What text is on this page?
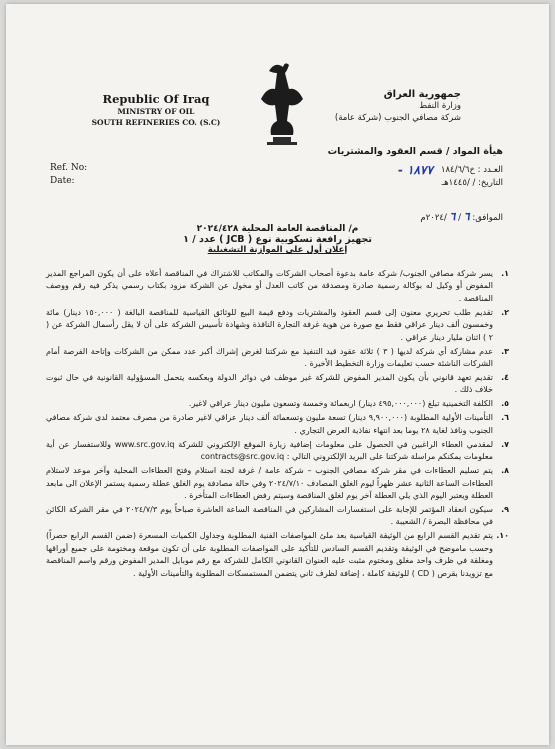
Republic Of Iraq
MINISTRY OF OIL
SOUTH REFINERIES CO. (S.C)
جمهورية العراق
وزارة النفط
شركة مصافي الجنوب (شركة عامة)
هيأة المواد / قسم العقود والمشتريات
Ref. No:
Date:
العـدد : خ١٨٤/٦/٦
١٨٧٧ -
التاريخ: / /١٤٤٥هـ
الموافق: ٦ / ٦ /٢٠٢٤م
م/ المناقصة العامة المحلية ٢٠٢٤/٤٢٨
تجهيز رافعة تسكويية نوع ( JCB ) عدد / ١
إعلان أول على الموازنة التشغيلية
١.
يسر شركة مصافي الجنوب/ شركة عامة بدعوة أصحاب الشركات والمكاتب للاشتراك في المناقصة أعلاه على أن يكون المراجع المدير المفوض أو وكيل له بوكالة رسمية صادرة ومصدقة من كاتب العدل أو مخول عن الشركة مزود بكتاب رسمي يذكر فيه رقم ووصف المناقصة .
٢.
تقديم طلب تحريري معنون إلى قسم العقود والمشتريات ودفع قيمة البيع للوثائق القياسية للمناقصة البالغة ( ١٥٠,٠٠٠ دينار) مائة وخمسون ألف دينار عراقي فقط مع صورة من هوية غرفة التجارة النافذة وشهادة تأسيس الشركة على أن لا يقل رأسمال الشركة عن ( ٢ ) اثنان مليار دينار عراقي .
٣.
عدم مشاركة أي شركة لديها ( ٣ ) ثلاثة عقود قيد التنفيذ مع شركتنا لغرض إشراك أكبر عدد ممكن من الشركات وإتاحة الفرصة أمام الشركات الناشئة حسب تعليمات وزارة التخطيط الأخيرة .
٤.
تقديم تعهد قانوني بأن يكون المدير المفوض للشركة غير موظف في دوائر الدولة وبعكسه يتحمل المسؤولية القانونية في حال ثبوت خلاف ذلك .
٥.
الكلفة التخمينية تبلغ (٤٩٥,٠٠٠,٠٠٠ دينار) اربعمائة وخمسة وتسعون مليون دينار عراقي لاغير.
٦.
التأمينات الأولية المطلوبة (٩,٩٠٠,٠٠٠ دينار) تسعة مليون وتسعمائة ألف دينار عراقي لاغير صادرة من مصرف معتمد لدى شركة مصافي الجنوب ونافذ لغاية ٢٨ يوما بعد انتهاء نفاذية العرض التجاري .
٧.
لمقدمي العطاء الراغبين في الحصول على معلومات إضافية زيارة الموقع الإلكتروني للشركة www.src.gov.iq وللاستفسار عن أية معلومات يمكنكم مراسلة شركتنا على البريد الإلكتروني التالي : contracts@src.gov.iq
٨.
يتم تسليم العطاءات في مقر شركة مصافي الجنوب – شركة عامة / غرفة لجنة استلام وفتح العطاءات المحلية وآخر موعد لاستلام العطاءات الساعة الثانية عشر ظهراً ليوم الغلق المصادف ٢٠٢٤/٧/١٠ وفي حالة مصادفة يوم الغلق عطلة رسمية يستمر الإعلان الى مابعد العطلة ويعتبر اليوم الذي يلي العطلة آخر يوم لغلق المناقصة وسيتم رفض العطاءات المتأخرة .
٩.
سيكون انعقاد المؤتمر للإجابة على استفسارات المشاركين في المناقصة الساعة العاشرة صباحاً يوم ٢٠٢٤/٧/٣ في مقر الشركة الكائن في محافظة البصرة / الشعيبة .
١٠.
يتم تقديم القسم الرابع من الوثيقة القياسية بعد ملئ المواصفات الفنية المطلوبة وجداول الكميات المسعرة (ضمن القسم الرابع حصراً) وحسب ماموضح في الوثيقة وتقديم القسم السادس للتأكيد على المواصفات المطلوبة على أن تكون موقعة ومختومة على جميع أوراقها ومغلقة في ظرف واحد مغلق ومختوم مثبت عليه العنوان القانوني الكامل للشركة مع رقم موبايل المدير المفوض ورقم واسم المناقصة مع تزويدنا بقرص ( CD ) للوثيقة كاملة ، إضافة لظرف ثاني يتضمن المستمسكات المطلوبة والتأمينات الأولية .
